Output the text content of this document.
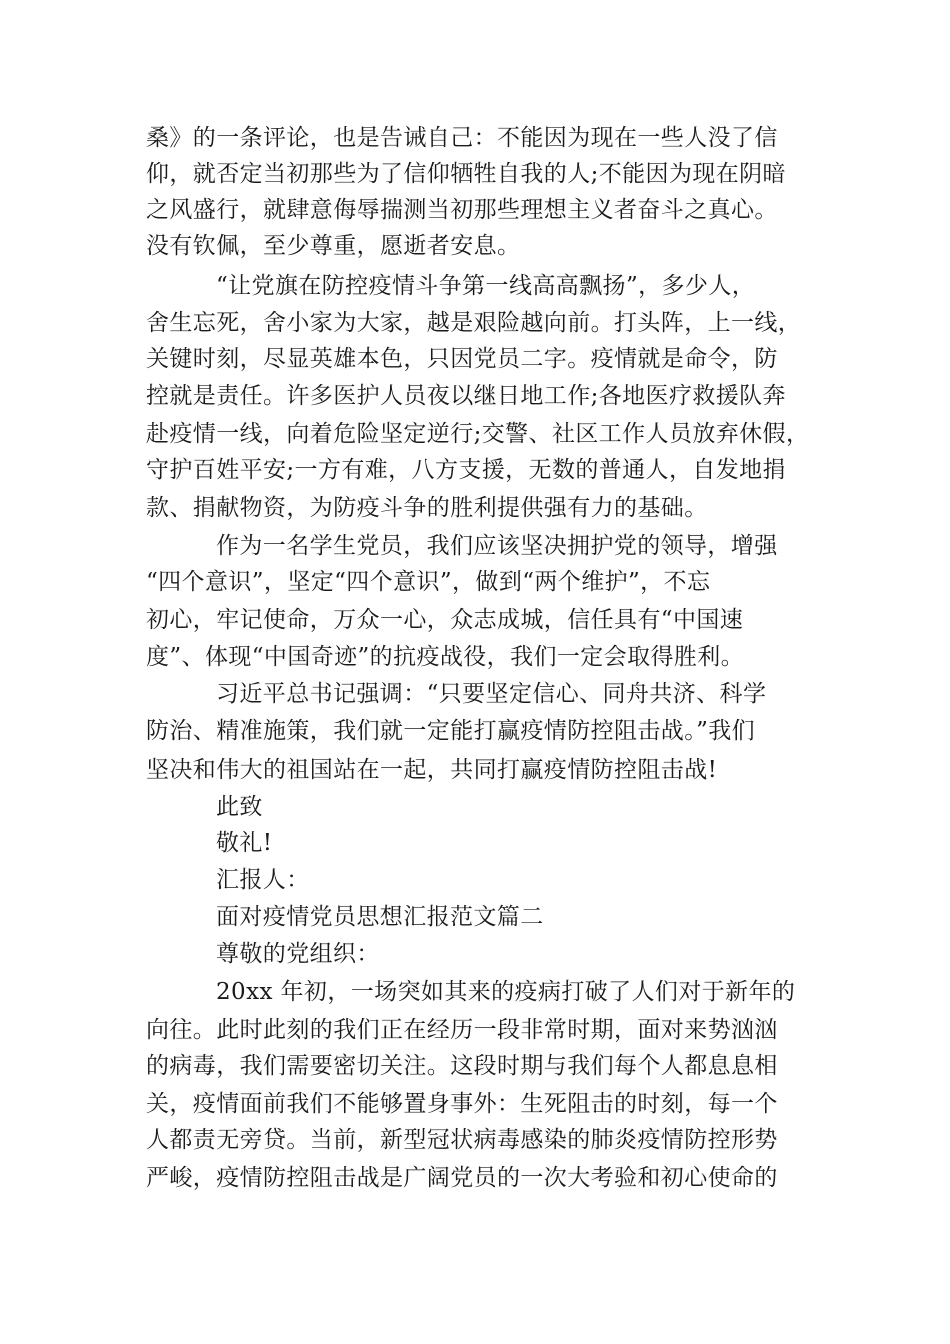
桑》的一条评论，也是告诫自己：不能因为现在一些人没了信
仰，就否定当初那些为了信仰牺牲自我的人;不能因为现在阴暗
之风盛行，就肆意侮辱揣测当初那些理想主义者奋斗之真心。
没有钦佩，至少尊重，愿逝者安息。
“让党旗在防控疫情斗争第一线高高飘扬”，多少人，
舍生忘死，舍小家为大家，越是艰险越向前。打头阵，上一线，
关键时刻，尽显英雄本色，只因党员二字。疫情就是命令，防
控就是责任。许多医护人员夜以继日地工作;各地医疗救援队奔
赴疫情一线，向着危险坚定逆行;交警、社区工作人员放弃休假，
守护百姓平安;一方有难，八方支援，无数的普通人，自发地捐
款、捐献物资，为防疫斗争的胜利提供强有力的基础。
作为一名学生党员，我们应该坚决拥护党的领导，增强
“四个意识”，坚定“四个意识”，做到“两个维护”，不忘
初心，牢记使命，万众一心，众志成城，信任具有“中国速
度”、体现“中国奇迹”的抗疫战役，我们一定会取得胜利。
习近平总书记强调：“只要坚定信心、同舟共济、科学
防治、精准施策，我们就一定能打赢疫情防控阻击战。”我们
坚决和伟大的祖国站在一起，共同打赢疫情防控阻击战!
此致
敬礼!
汇报人：
面对疫情党员思想汇报范文篇二
尊敬的党组织：
20xx 年初，一场突如其来的疫病打破了人们对于新年的
向往。此时此刻的我们正在经历一段非常时期，面对来势汹汹
的病毒，我们需要密切关注。这段时期与我们每个人都息息相
关，疫情面前我们不能够置身事外：生死阻击的时刻，每一个
人都责无旁贷。当前，新型冠状病毒感染的肺炎疫情防控形势
严峻，疫情防控阻击战是广阔党员的一次大考验和初心使命的
